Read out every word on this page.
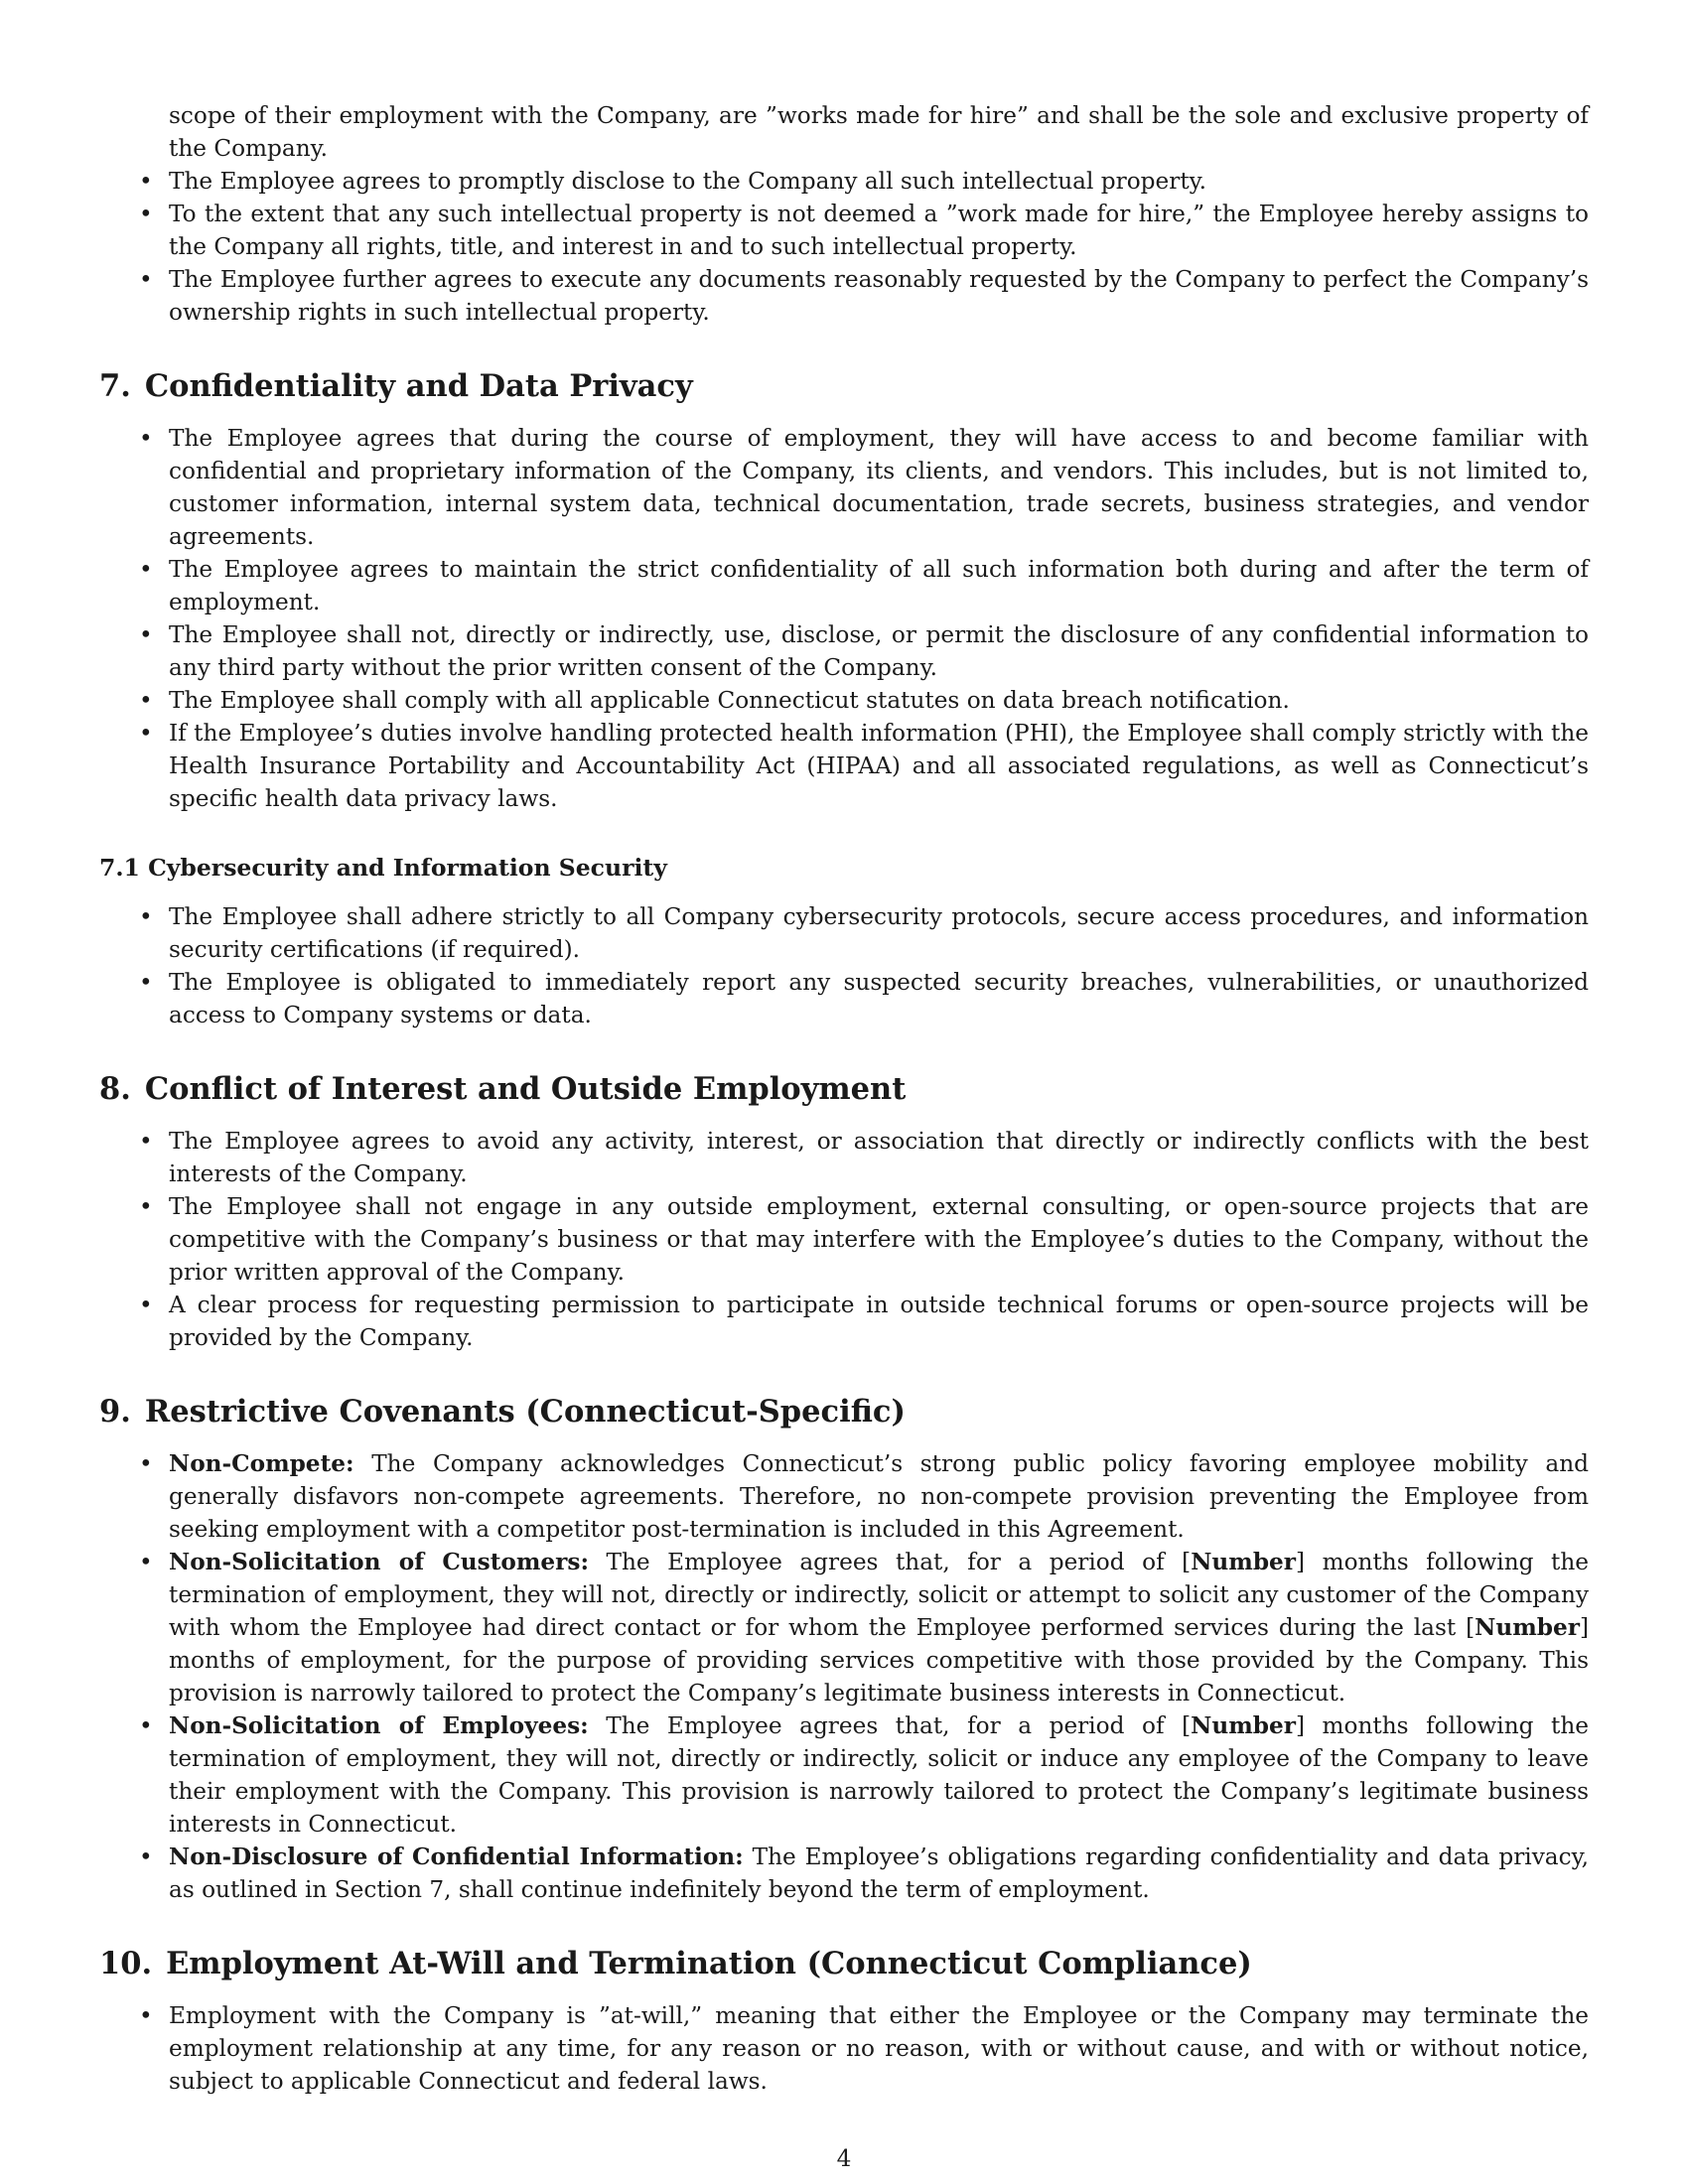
scope of their employment with the Company, are ”works made for hire” and shall be the sole and exclusive property of the Company.
• The Employee agrees to promptly disclose to the Company all such intellectual property.
• To the extent that any such intellectual property is not deemed a ”work made for hire,” the Employee hereby assigns to the Company all rights, title, and interest in and to such intellectual property.
• The Employee further agrees to execute any documents reasonably requested by the Company to perfect the Company’s ownership rights in such intellectual property.
7. Confidentiality and Data Privacy
• The Employee agrees that during the course of employment, they will have access to and become familiar with confidential and proprietary information of the Company, its clients, and vendors. This includes, but is not limited to, customer information, internal system data, technical documentation, trade secrets, business strategies, and vendor agreements.
• The Employee agrees to maintain the strict confidentiality of all such information both during and after the term of employment.
• The Employee shall not, directly or indirectly, use, disclose, or permit the disclosure of any confidential information to any third party without the prior written consent of the Company.
• The Employee shall comply with all applicable Connecticut statutes on data breach notification.
• If the Employee’s duties involve handling protected health information (PHI), the Employee shall comply strictly with the Health Insurance Portability and Accountability Act (HIPAA) and all associated regulations, as well as Connecticut’s specific health data privacy laws.
7.1 Cybersecurity and Information Security
• The Employee shall adhere strictly to all Company cybersecurity protocols, secure access procedures, and information security certifications (if required).
• The Employee is obligated to immediately report any suspected security breaches, vulnerabilities, or unauthorized access to Company systems or data.
8. Conflict of Interest and Outside Employment
• The Employee agrees to avoid any activity, interest, or association that directly or indirectly conflicts with the best interests of the Company.
• The Employee shall not engage in any outside employment, external consulting, or open-source projects that are competitive with the Company’s business or that may interfere with the Employee’s duties to the Company, without the prior written approval of the Company.
• A clear process for requesting permission to participate in outside technical forums or open-source projects will be provided by the Company.
9. Restrictive Covenants (Connecticut-Specific)
• Non-Compete: The Company acknowledges Connecticut’s strong public policy favoring employee mobility and generally disfavors non-compete agreements. Therefore, no non-compete provision preventing the Employee from seeking employment with a competitor post-termination is included in this Agreement.
• Non-Solicitation of Customers: The Employee agrees that, for a period of [Number] months following the termination of employment, they will not, directly or indirectly, solicit or attempt to solicit any customer of the Company with whom the Employee had direct contact or for whom the Employee performed services during the last [Number] months of employment, for the purpose of providing services competitive with those provided by the Company. This provision is narrowly tailored to protect the Company’s legitimate business interests in Connecticut.
• Non-Solicitation of Employees: The Employee agrees that, for a period of [Number] months following the termination of employment, they will not, directly or indirectly, solicit or induce any employee of the Company to leave their employment with the Company. This provision is narrowly tailored to protect the Company’s legitimate business interests in Connecticut.
• Non-Disclosure of Confidential Information: The Employee’s obligations regarding confidentiality and data privacy, as outlined in Section 7, shall continue indefinitely beyond the term of employment.
10. Employment At-Will and Termination (Connecticut Compliance)
• Employment with the Company is ”at-will,” meaning that either the Employee or the Company may terminate the employment relationship at any time, for any reason or no reason, with or without cause, and with or without notice, subject to applicable Connecticut and federal laws.
4
